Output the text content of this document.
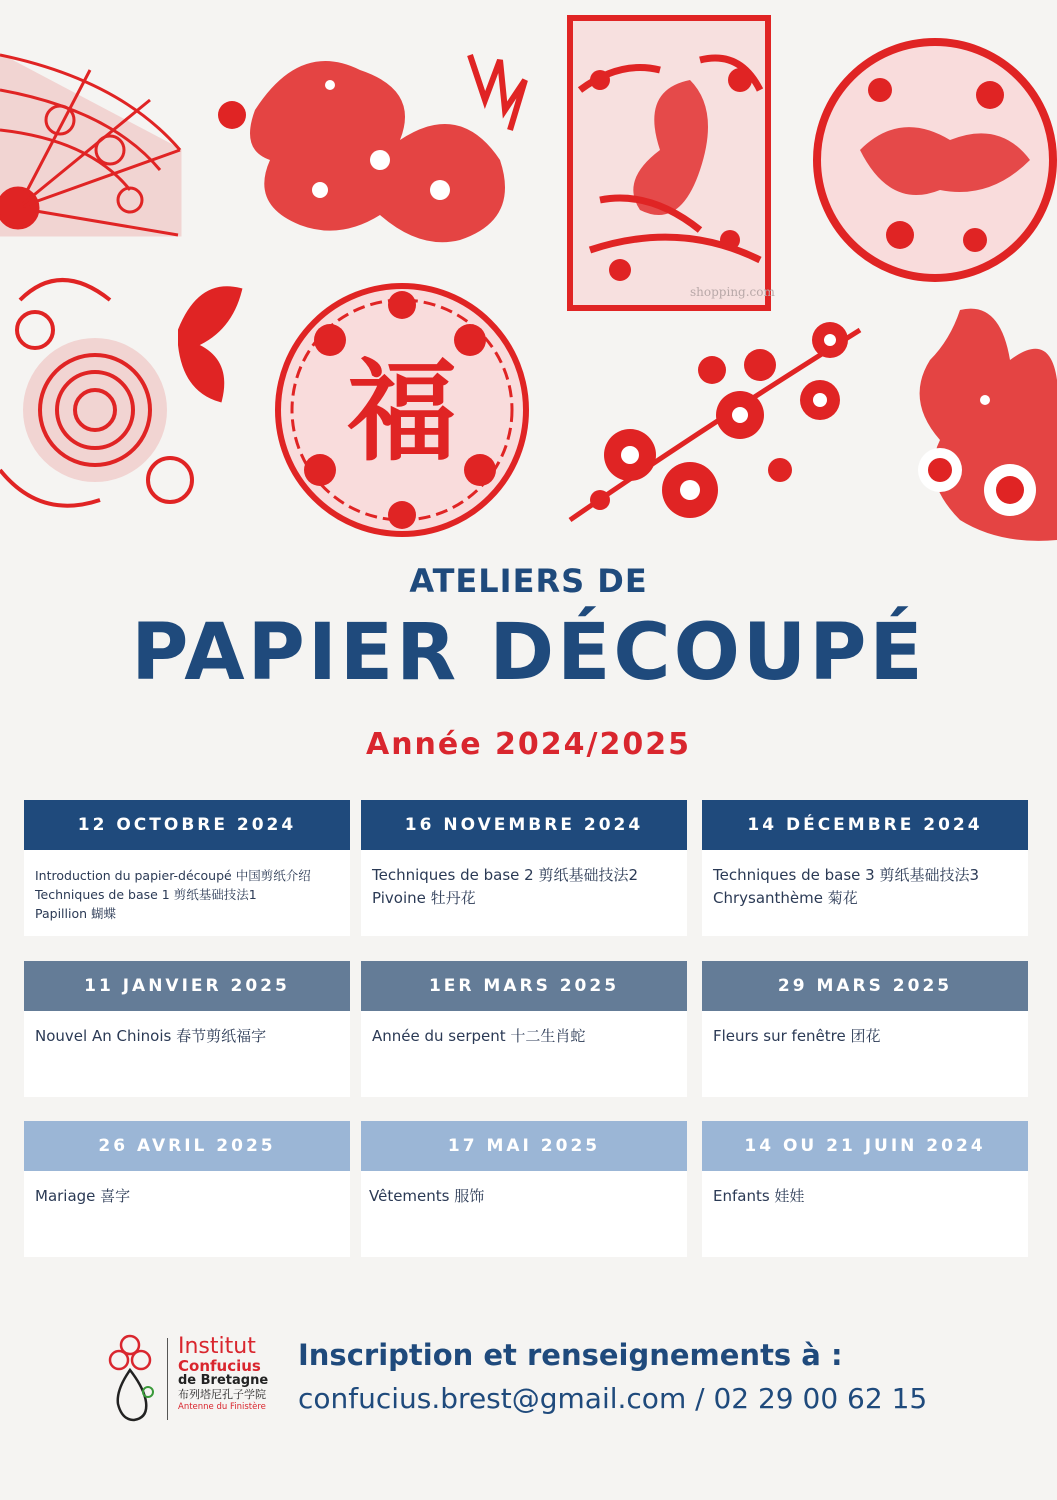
福
shopping.com
ATELIERS DE
PAPIER DÉCOUPÉ
Année 2024/2025
12 OCTOBRE 2024
Introduction du papier-découpé 中国剪纸介绍
Techniques de base 1 剪纸基础技法1
Papillion 蝴蝶
16 NOVEMBRE 2024
Techniques de base 2 剪纸基础技法2
Pivoine 牡丹花
14 DÉCEMBRE 2024
Techniques de base 3 剪纸基础技法3
Chrysanthème 菊花
11 JANVIER 2025
Nouvel An Chinois 春节剪纸福字
1ER MARS 2025
Année du serpent 十二生肖蛇
29 MARS 2025
Fleurs sur fenêtre 团花
26 AVRIL 2025
Mariage 喜字
17 MAI 2025
Vêtements 服饰
14 OU 21 JUIN 2024
Enfants 娃娃
Institut
Confucius
de Bretagne
布列塔尼孔子学院
Antenne du Finistère
Inscription et renseignements à :
confucius.brest@gmail.com / 02 29 00 62 15
